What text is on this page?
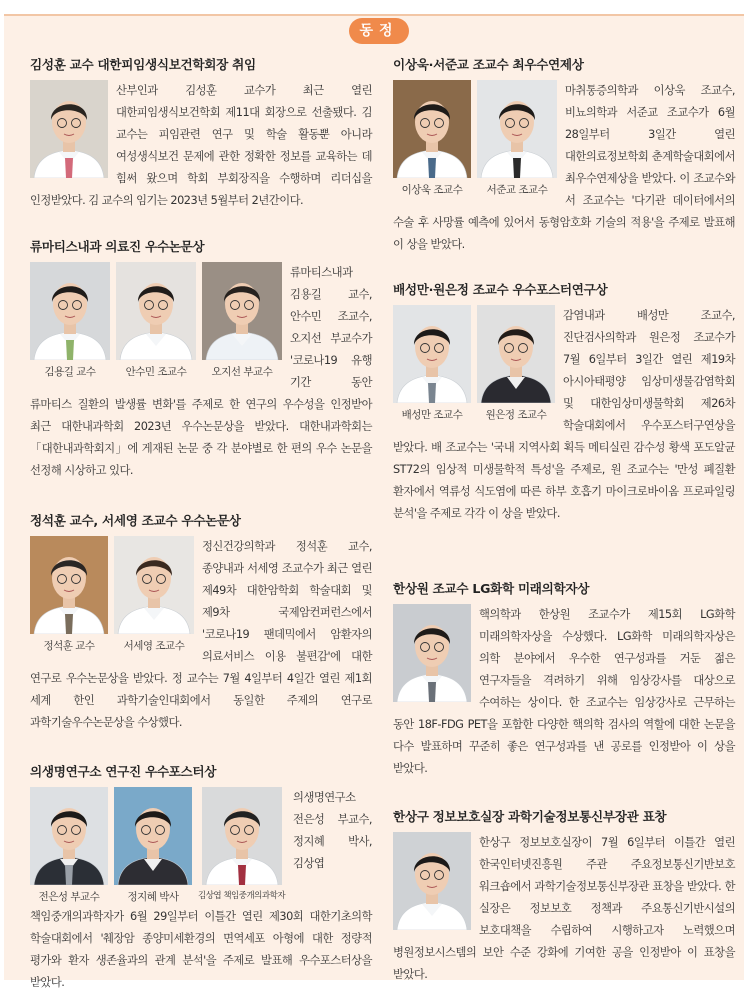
동정
김성훈 교수 대한피임생식보건학회장 취임
산부인과 김성훈 교수가 최근 열린 대한피임생식보건학회 제11대 회장으로 선출됐다. 김 교수는 피임관련 연구 및 학술 활동뿐 아니라 여성생식보건 문제에 관한 정확한 정보를 교육하는 데 힘써 왔으며 학회 부회장직을 수행하며 리더십을 인정받았다. 김 교수의 임기는 2023년 5월부터 2년간이다.
류마티스내과 의료진 우수논문상
김용길 교수	안수민 조교수 오지선 부교수
류마티스내과 김용길 교수, 안수민 조교수, 오지선 부교수가 '코로나19 유행 기간 동안 류마티스 질환의 발생률 변화'를 주제로 한 연구의 우수성을 인정받아 최근 대한내과학회 2023년 우수논문상을 받았다. 대한내과학회는 「대한내과학회지」에 게재된 논문 중 각 분야별로 한 편의 우수 논문을 선정해 시상하고 있다.
정석훈 교수, 서세영 조교수 우수논문상
정석훈 교수	서세영 조교수
정신건강의학과 정석훈 교수, 종양내과 서세영 조교수가 최근 열린 제49차 대한암학회 학술대회 및 제9차 국제암컨퍼런스에서 '코로나19 팬데믹에서 암환자의 의료서비스 이용 불편감'에 대한 연구로 우수논문상을 받았다. 정 교수는 7월 4일부터 4일간 열린 제1회 세계 한인 과학기술인대회에서 동일한 주제의 연구로 과학기술우수논문상을 수상했다.
의생명연구소 연구진 우수포스터상
전은성 부교수	정지혜 박사 김상엽 책임중개의과학자
의생명연구소 전은성 부교수, 정지혜 박사, 김상엽 책임중개의과학자가 6월 29일부터 이틀간 열린 제30회 대한기초의학 학술대회에서 '췌장암 종양미세환경의 면역세포 아형에 대한 정량적 평가와 환자 생존율과의 관계 분석'을 주제로 발표해 우수포스터상을 받았다.
이상욱·서준교 조교수 최우수연제상
이상욱 조교수 서준교 조교수
마취통증의학과 이상욱 조교수, 비뇨의학과 서준교 조교수가 6월 28일부터 3일간 열린 대한의료정보학회 춘계학술대회에서 최우수연제상을 받았다. 이 조교수와 서 조교수는 '다기관 데이터에서의 수술 후 사망률 예측에 있어서 동형암호화 기술의 적용'을 주제로 발표해 이 상을 받았다.
배성만·원은정 조교수 우수포스터연구상
배성만 조교수 원은정 조교수
감염내과 배성만 조교수, 진단검사의학과 원은정 조교수가 7월 6일부터 3일간 열린 제19차 아시아태평양 임상미생물감염학회 및 대한임상미생물학회 제26차 학술대회에서 우수포스터구연상을 받았다. 배 조교수는 '국내 지역사회 획득 메티실린 감수성 황색 포도알균 ST72의 임상적 미생물학적 특성'을 주제로, 원 조교수는 '만성 폐질환 환자에서 역류성 식도염에 따른 하부 호흡기 마이크로바이옴 프로파일링 분석'을 주제로 각각 이 상을 받았다.
한상원 조교수 LG화학 미래의학자상
핵의학과 한상원 조교수가 제15회 LG화학 미래의학자상을 수상했다. LG화학 미래의학자상은 의학 분야에서 우수한 연구성과를 거둔 젊은 연구자들을 격려하기 위해 임상강사를 대상으로 수여하는 상이다. 한 조교수는 임상강사로 근무하는 동안 18F-FDG PET을 포함한 다양한 핵의학 검사의 역할에 대한 논문을 다수 발표하며 꾸준히 좋은 연구성과를 낸 공로를 인정받아 이 상을 받았다.
한상구 정보보호실장 과학기술정보통신부장관 표창
한상구 정보보호실장이 7월 6일부터 이틀간 열린 한국인터넷진흥원 주관 주요정보통신기반보호 워크숍에서 과학기술정보통신부장관 표창을 받았다. 한 실장은 정보보호 정책과 주요통신기반시설의 보호대책을 수립하여 시행하고자 노력했으며 병원정보시스템의 보안 수준 강화에 기여한 공을 인정받아 이 표창을 받았다.
